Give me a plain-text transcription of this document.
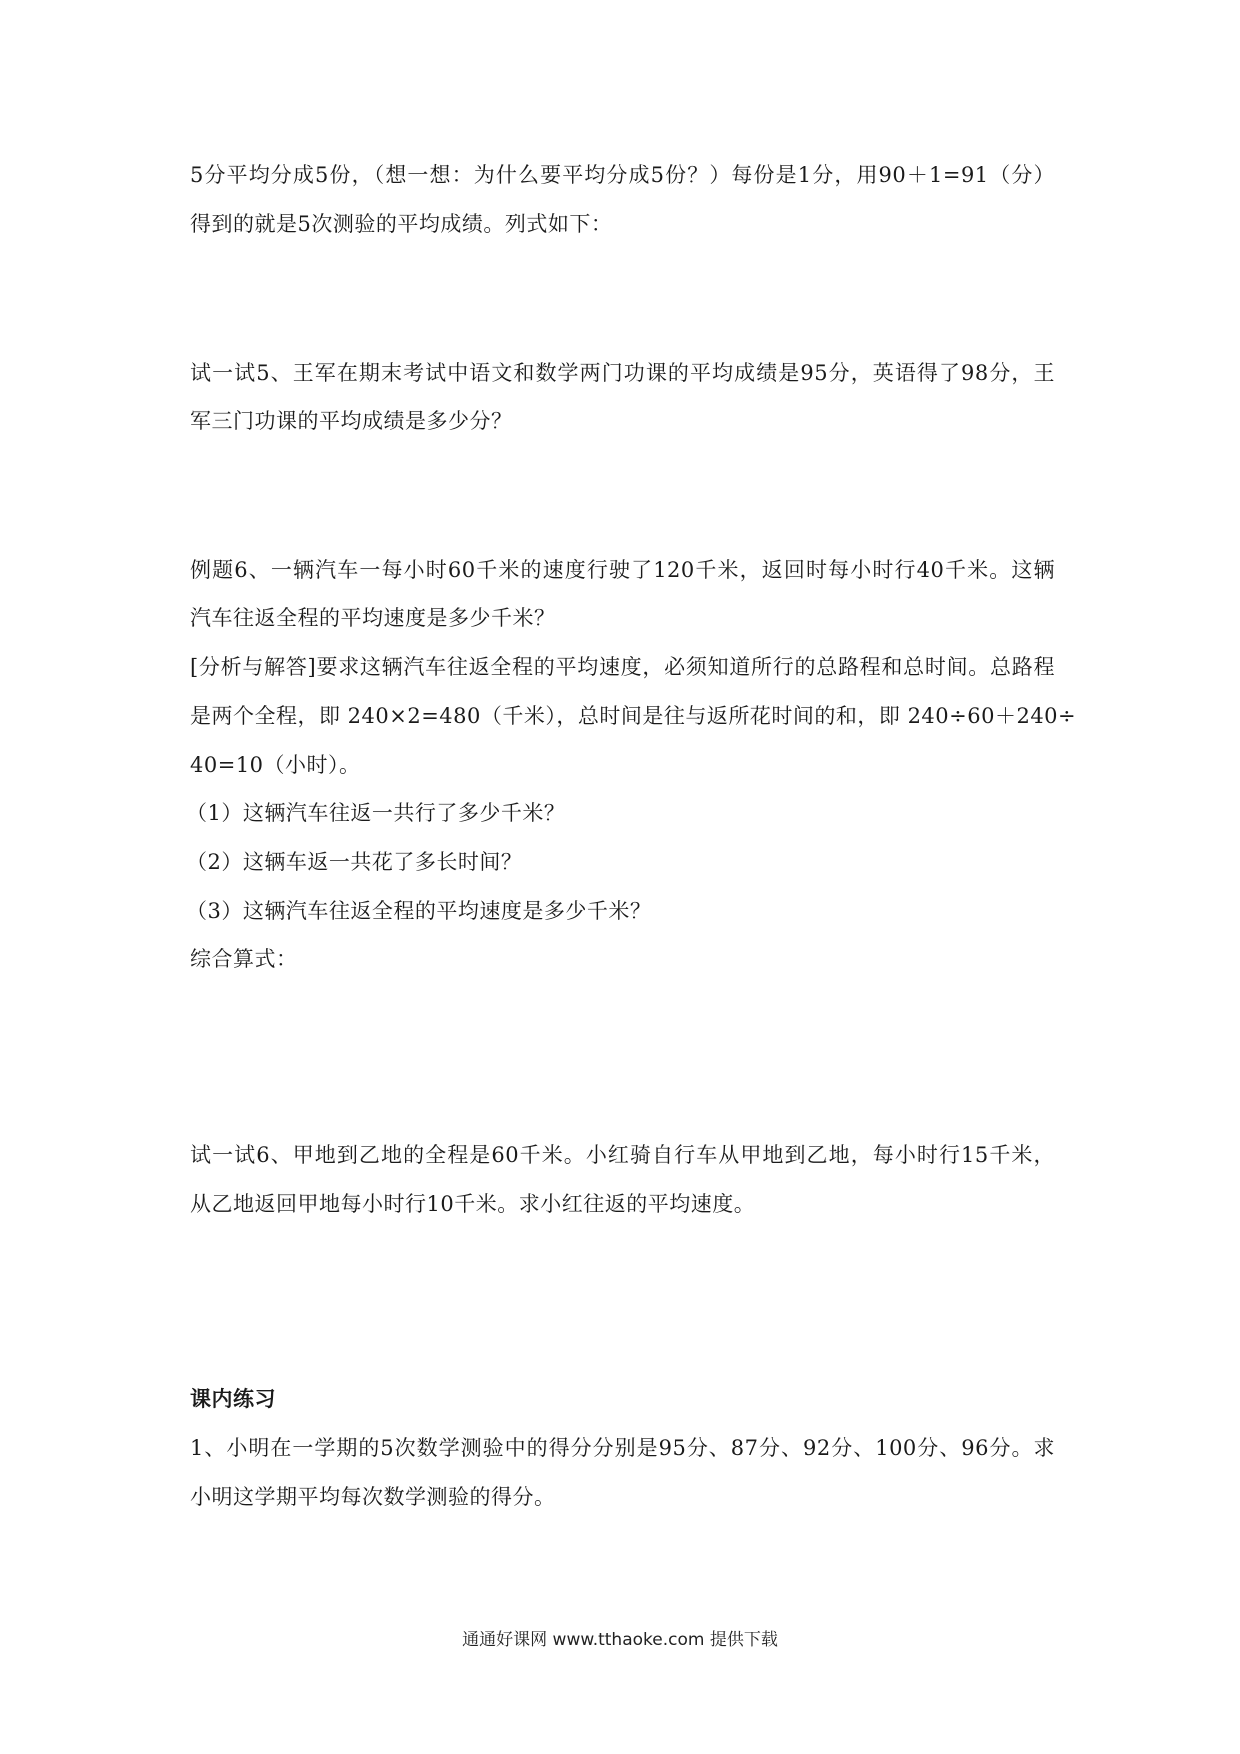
5分平均分成5份，（想一想：为什么要平均分成5份？）每份是1分，用90＋1=91（分）
得到的就是5次测验的平均成绩。列式如下：
试一试5、王军在期末考试中语文和数学两门功课的平均成绩是95分，英语得了98分，王
军三门功课的平均成绩是多少分？
例题6、一辆汽车一每小时60千米的速度行驶了120千米，返回时每小时行40千米。这辆
汽车往返全程的平均速度是多少千米？
[分析与解答]要求这辆汽车往返全程的平均速度，必须知道所行的总路程和总时间。总路程
是两个全程，即 240×2=480（千米），总时间是往与返所花时间的和，即 240÷60＋240÷
40=10（小时）。
（1）这辆汽车往返一共行了多少千米？
（2）这辆车返一共花了多长时间？
（3）这辆汽车往返全程的平均速度是多少千米？
综合算式：
试一试6、甲地到乙地的全程是60千米。小红骑自行车从甲地到乙地，每小时行15千米，
从乙地返回甲地每小时行10千米。求小红往返的平均速度。
课内练习
1、小明在一学期的5次数学测验中的得分分别是95分、87分、92分、100分、96分。求
小明这学期平均每次数学测验的得分。
通通好课网 www.tthaoke.com 提供下载
